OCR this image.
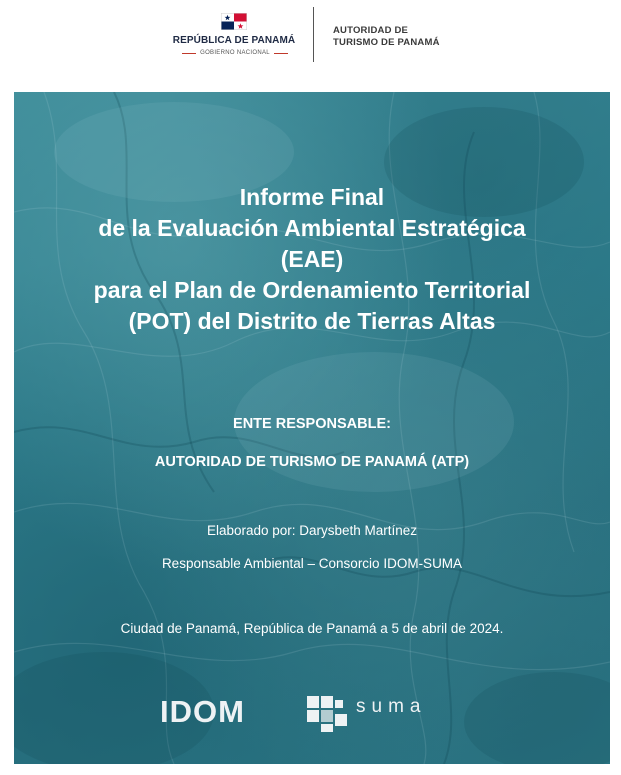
REPÚBLICA DE PANAMÁ
GOBIERNO NACIONAL
AUTORIDAD DE
TURISMO DE PANAMÁ
Informe Final
de la Evaluación Ambiental Estratégica
(EAE)
para el Plan de Ordenamiento Territorial
(POT) del Distrito de Tierras Altas
ENTE RESPONSABLE:
AUTORIDAD DE TURISMO DE PANAMÁ (ATP)
Elaborado por: Darysbeth Martínez
Responsable Ambiental – Consorcio IDOM-SUMA
Ciudad de Panamá, República de Panamá a 5 de abril de 2024.
IDOM	suma
